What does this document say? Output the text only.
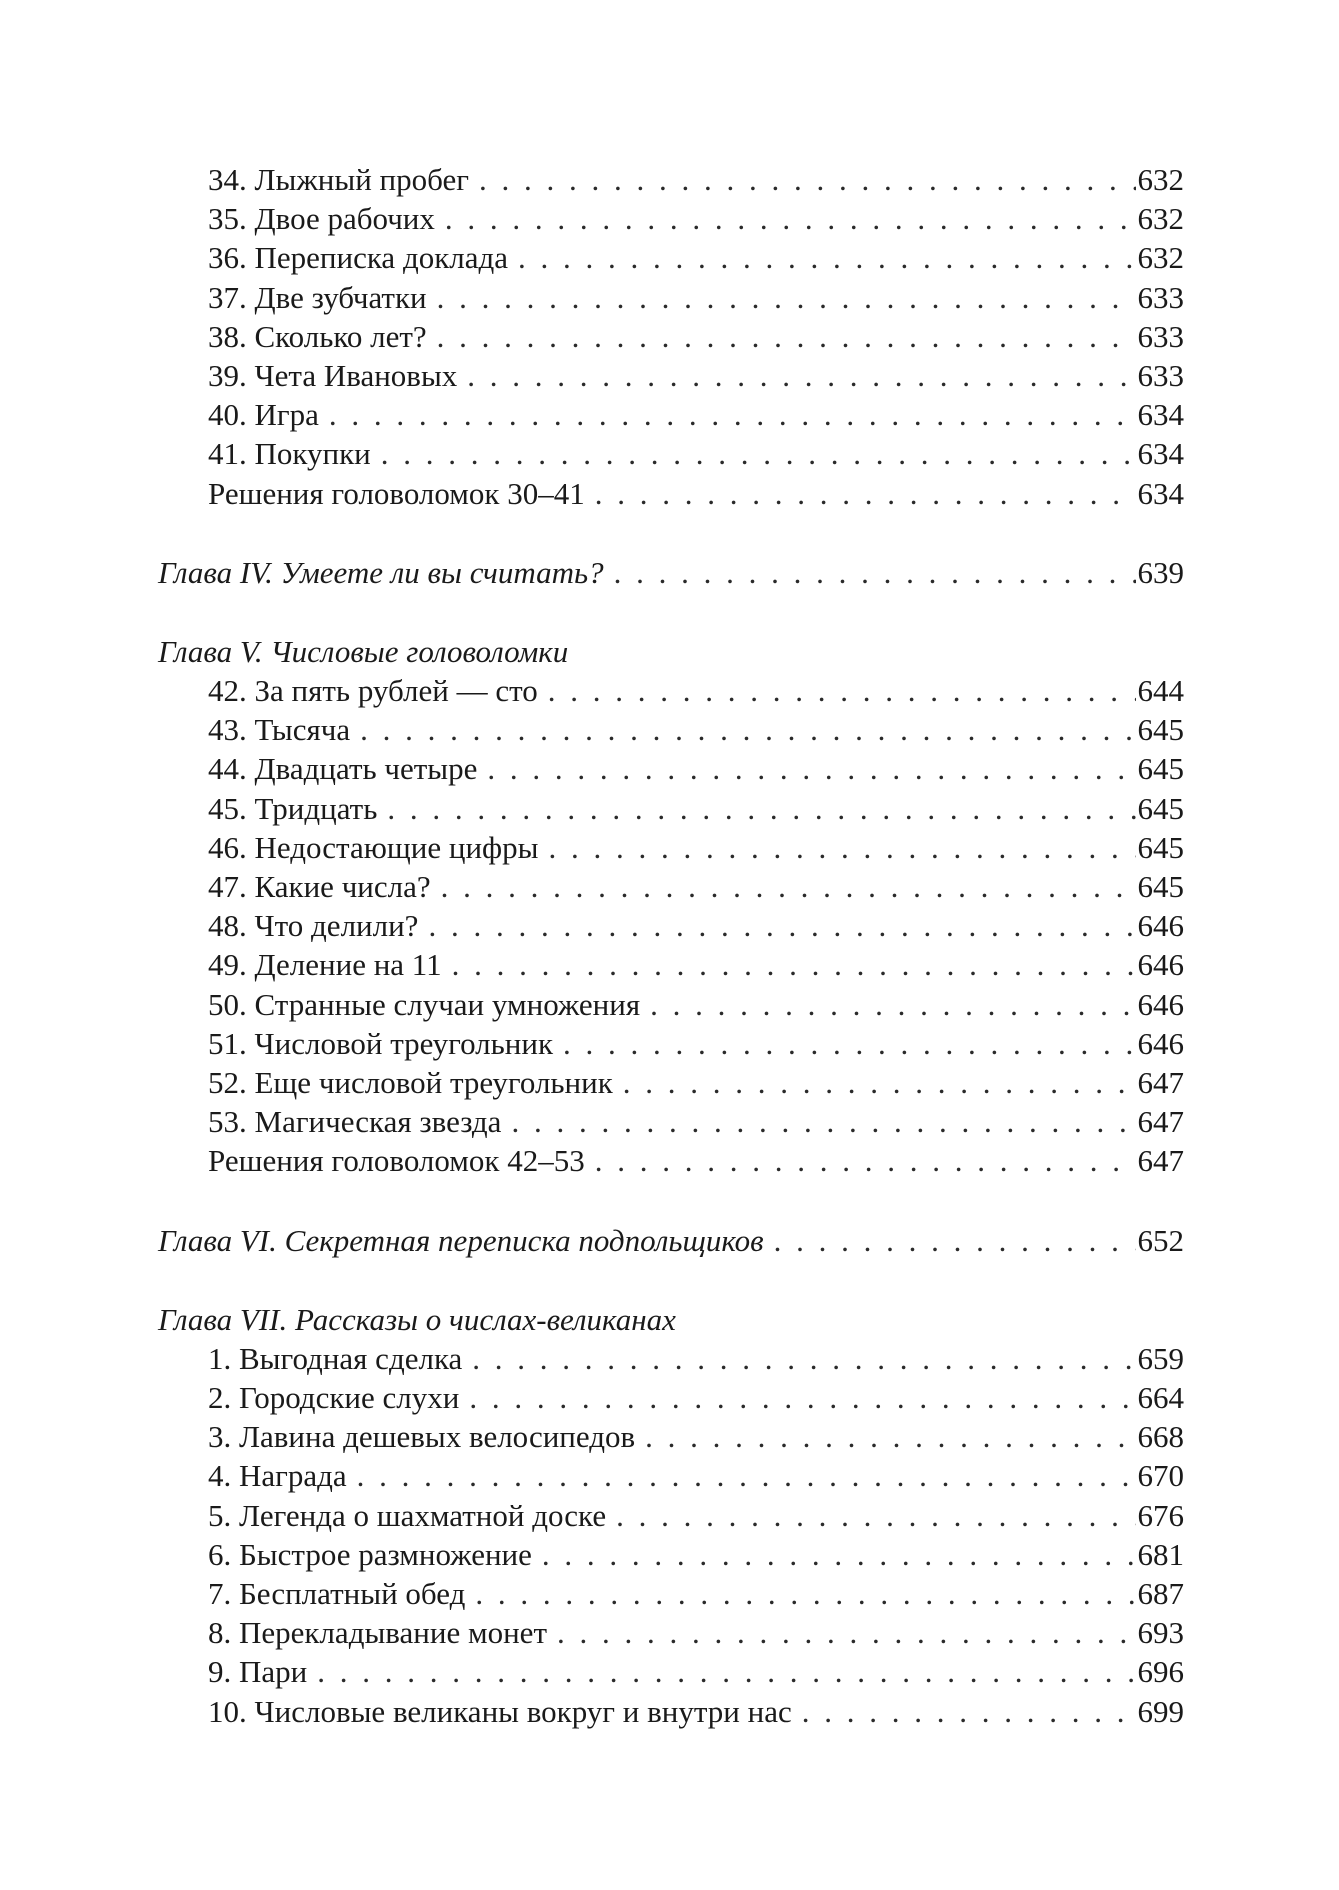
34. Лыжный пробег . . .	632
35. Двое рабочих . . .	632
36. Переписка доклада . . .	632
37. Две зубчатки . . .	633
38. Сколько лет? . . .	633
39. Чета Ивановых . . .	633
40. Игра . . .	634
41. Покупки . . .	634
Решения головоломок 30–41 . . .	634
Глава IV. Умеете ли вы считать? . . .	639
Глава V. Числовые головоломки
42. За пять рублей — сто . . .	644
43. Тысяча . . .	645
44. Двадцать четыре . . .	645
45. Тридцать . . .	645
46. Недостающие цифры . . .	645
47. Какие числа? . . .	645
48. Что делили? . . .	646
49. Деление на 11 . . .	646
50. Странные случаи умножения . . .	646
51. Числовой треугольник . . .	646
52. Еще числовой треугольник . . .	647
53. Магическая звезда . . .	647
Решения головоломок 42–53 . . .	647
Глава VI. Секретная переписка подпольщиков . . .	652
Глава VII. Рассказы о числах-великанах
1. Выгодная сделка . . .	659
2. Городские слухи . . .	664
3. Лавина дешевых велосипедов . . .	668
4. Награда . . .	670
5. Легенда о шахматной доске . . .	676
6. Быстрое размножение . . .	681
7. Бесплатный обед . . .	687
8. Перекладывание монет . . .	693
9. Пари . . .	696
10. Числовые великаны вокруг и внутри нас . . .	699
